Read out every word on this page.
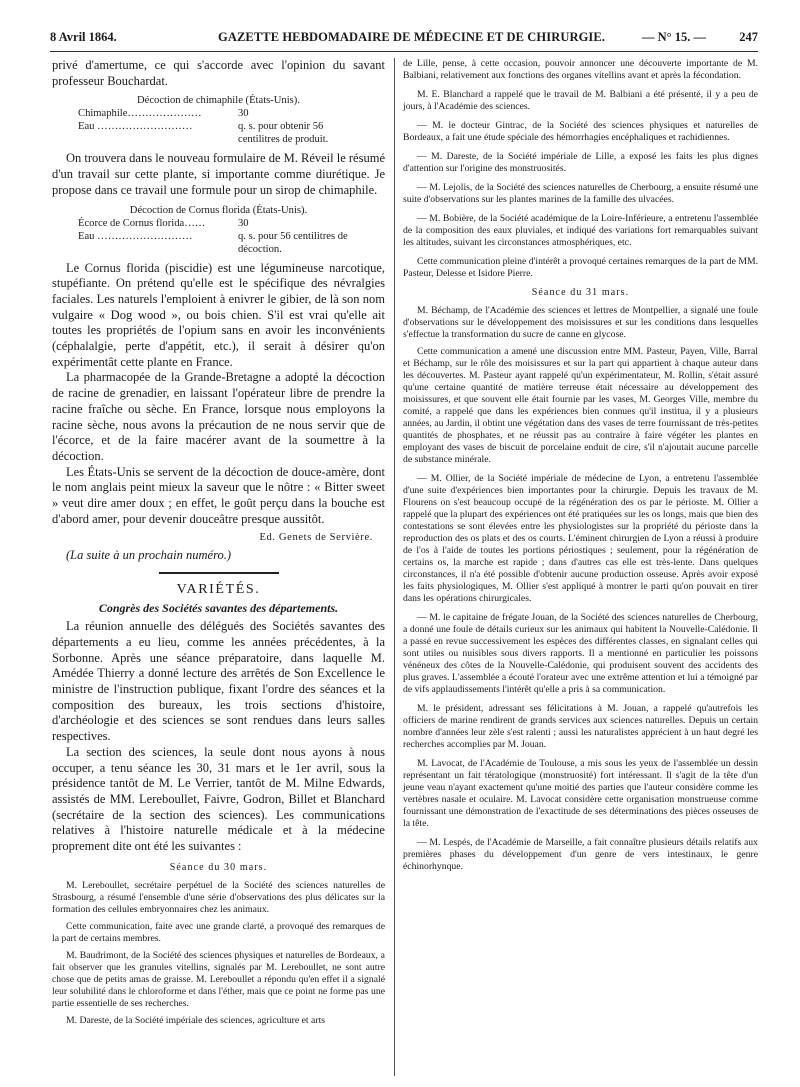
8 Avril 1864.	GAZETTE HEBDOMADAIRE DE MÉDECINE ET DE CHIRURGIE.	— N° 15. —	247

privé d'amertume, ce qui s'accorde avec l'opinion du savant professeur Bouchardat.

Décoction de chimaphile (États-Unis).
Chimaphile…………………	30
Eau ………………………	q. s. pour obtenir 56 centilitres de produit.

On trouvera dans le nouveau formulaire de M. Réveil le résumé d'un travail sur cette plante, si importante comme diurétique. Je propose dans ce travail une formule pour un sirop de chimaphile.

Décoction de Cornus florida (États-Unis).
Écorce de Cornus florida……	30
Eau ………………………	q. s. pour 56 centilitres de décoction.

Le Cornus florida (piscidie) est une légumineuse narcotique, stupéfiante. On prétend qu'elle est le spécifique des névralgies faciales. Les naturels l'emploient à enivrer le gibier, de là son nom vulgaire « Dog wood », ou bois chien. S'il est vrai qu'elle ait toutes les propriétés de l'opium sans en avoir les inconvénients (céphalalgie, perte d'appétit, etc.), il serait à désirer qu'on expérimentât cette plante en France.

La pharmacopée de la Grande-Bretagne a adopté la décoction de racine de grenadier, en laissant l'opérateur libre de prendre la racine fraîche ou sèche. En France, lorsque nous employons la racine sèche, nous avons la précaution de ne nous servir que de l'écorce, et de la faire macérer avant de la soumettre à la décoction.

Les États-Unis se servent de la décoction de douce-amère, dont le nom anglais peint mieux la saveur que le nôtre : « Bitter sweet » veut dire amer doux ; en effet, le goût perçu dans la bouche est d'abord amer, pour devenir douceâtre presque aussitôt.

Ed. Genets de Servière.

(La suite à un prochain numéro.)

VARIÉTÉS.
Congrès des Sociétés savantes des départements.

La réunion annuelle des délégués des Sociétés savantes des départements a eu lieu, comme les années précédentes, à la Sorbonne. Après une séance préparatoire, dans laquelle M. Amédée Thierry a donné lecture des arrêtés de Son Excellence le ministre de l'instruction publique, fixant l'ordre des séances et la composition des bureaux, les trois sections d'histoire, d'archéologie et des sciences se sont rendues dans leurs salles respectives.

La section des sciences, la seule dont nous ayons à nous occuper, a tenu séance les 30, 31 mars et le 1er avril, sous la présidence tantôt de M. Le Verrier, tantôt de M. Milne Edwards, assistés de MM. Lereboullet, Faivre, Godron, Billet et Blanchard (secrétaire de la section des sciences). Les communications relatives à l'histoire naturelle médicale et à la médecine proprement dite ont été les suivantes :

Séance du 30 mars.

M. Lereboullet, secrétaire perpétuel de la Société des sciences naturelles de Strasbourg, a résumé l'ensemble d'une série d'observations des plus délicates sur la formation des cellules embryonnaires chez les animaux.

Cette communication, faite avec une grande clarté, a provoqué des remarques de la part de certains membres.

M. Baudrimont, de la Société des sciences physiques et naturelles de Bordeaux, a fait observer que les granules vitellins, signalés par M. Lereboullet, ne sont autre chose que de petits amas de graisse. M. Lereboullet a répondu qu'en effet il a signalé leur solubilité dans le chloroforme et dans l'éther, mais que ce point ne forme pas une partie essentielle de ses recherches.

M. Dareste, de la Société impériale des sciences, agriculture et arts

de Lille, pense, à cette occasion, pouvoir annoncer une découverte importante de M. Balbiani, relativement aux fonctions des organes vitellins avant et après la fécondation.

M. E. Blanchard a rappelé que le travail de M. Balbiani a été présenté, il y a peu de jours, à l'Académie des sciences.

— M. le docteur Gintrac, de la Société des sciences physiques et naturelles de Bordeaux, a fait une étude spéciale des hémorrhagies encéphaliques et rachidiennes.

— M. Dareste, de la Société impériale de Lille, a exposé les faits les plus dignes d'attention sur l'origine des monstruosités.

— M. Lejolis, de la Société des sciences naturelles de Cherbourg, a ensuite résumé une suite d'observations sur les plantes marines de la famille des ulvacées.

— M. Bobière, de la Société académique de la Loire-Inférieure, a entretenu l'assemblée de la composition des eaux pluviales, et indiqué des variations fort remarquables suivant les altitudes, suivant les circonstances atmosphériques, etc.

Cette communication pleine d'intérêt a provoqué certaines remarques de la part de MM. Pasteur, Delesse et Isidore Pierre.

Séance du 31 mars.

M. Béchamp, de l'Académie des sciences et lettres de Montpellier, a signalé une foule d'observations sur le développement des moisissures et sur les conditions dans lesquelles s'effectue la transformation du sucre de canne en glycose.

Cette communication a amené une discussion entre MM. Pasteur, Payen, Ville, Barral et Béchamp, sur le rôle des moisissures et sur la part qui appartient à chaque auteur dans les découvertes. M. Pasteur ayant rappelé qu'un expérimentateur, M. Rollin, s'était assuré qu'une certaine quantité de matière terreuse était nécessaire au développement des moisissures, et que souvent elle était fournie par les vases, M. Georges Ville, membre du comité, a rappelé que dans les expériences bien connues qu'il institua, il y a plusieurs années, au Jardin, il obtint une végétation dans des vases de terre fournissant de très-petites quantités de phosphates, et ne réussit pas au contraire à faire végéter les plantes en employant des vases de biscuit de porcelaine enduit de cire, s'il n'ajoutait aucune parcelle de substance minérale.

— M. Ollier, de la Société impériale de médecine de Lyon, a entretenu l'assemblée d'une suite d'expériences bien importantes pour la chirurgie. Depuis les travaux de M. Flourens on s'est beaucoup occupé de la régénération des os par le périoste. M. Ollier a rappelé que la plupart des expériences ont été pratiquées sur les os longs, mais que bien des contestations se sont élevées entre les physiologistes sur la propriété du périoste dans la reproduction des os plats et des os courts. L'éminent chirurgien de Lyon a réussi à produire de l'os à l'aide de toutes les portions périostiques ; seulement, pour la régénération de certains os, la marche est rapide ; dans d'autres cas elle est très-lente. Dans quelques circonstances, il n'a été possible d'obtenir aucune production osseuse. Après avoir exposé les faits physiologiques, M. Ollier s'est appliqué à montrer le parti qu'on pouvait en tirer dans les opérations chirurgicales.

— M. le capitaine de frégate Jouan, de la Société des sciences naturelles de Cherbourg, a donné une foule de détails curieux sur les animaux qui habitent la Nouvelle-Calédonie. Il a passé en revue successivement les espèces des différentes classes, en signalant celles qui sont utiles ou nuisibles sous divers rapports. Il a mentionné en particulier les poissons vénéneux des côtes de la Nouvelle-Calédonie, qui produisent souvent des accidents des plus graves. L'assemblée a écouté l'orateur avec une extrême attention et lui a témoigné par de vifs applaudissements l'intérêt qu'elle a pris à sa communication.

M. le président, adressant ses félicitations à M. Jouan, a rappelé qu'autrefois les officiers de marine rendirent de grands services aux sciences naturelles. Depuis un certain nombre d'années leur zèle s'est ralenti ; aussi les naturalistes apprécient à un haut degré les recherches accomplies par M. Jouan.

M. Lavocat, de l'Académie de Toulouse, a mis sous les yeux de l'assemblée un dessin représentant un fait tératologique (monstruosité) fort intéressant. Il s'agit de la tête d'un jeune veau n'ayant exactement qu'une moitié des parties que l'auteur considère comme les vertèbres nasale et oculaire. M. Lavocat considère cette organisation monstrueuse comme fournissant une démonstration de l'exactitude de ses déterminations des pièces osseuses de la tête.

— M. Lespés, de l'Académie de Marseille, a fait connaître plusieurs détails relatifs aux premières phases du développement d'un genre de vers intestinaux, le genre échinorhynque.
